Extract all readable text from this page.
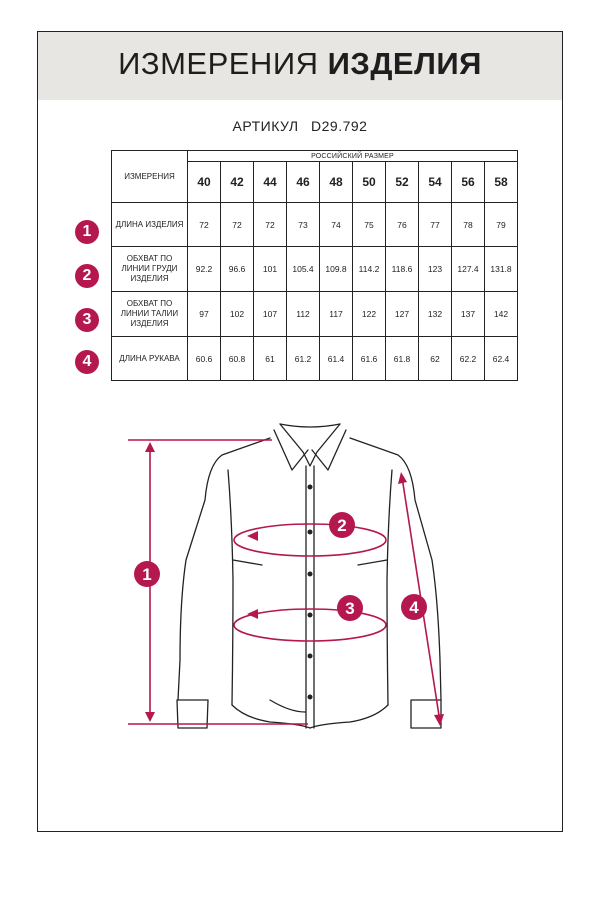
ИЗМЕРЕНИЯ ИЗДЕЛИЯ
АРТИКУЛ D29.792
1
2
3
4
ИЗМЕРЕНИЯ	РОССИЙСКИЙ РАЗМЕР									
	40	42	44	46	48	50	52	54	56	58
ДЛИНА ИЗДЕЛИЯ	72	72	72	73	74	75	76	77	78	79
ОБХВАТ ПО ЛИНИИ ГРУДИ ИЗДЕЛИЯ	92.2	96.6	101	105.4	109.8	114.2	118.6	123	127.4	131.8
ОБХВАТ ПО ЛИНИИ ТАЛИИ ИЗДЕЛИЯ	97	102	107	112	117	122	127	132	137	142
ДЛИНА РУКАВА	60.6	60.8	61	61.2	61.4	61.6	61.8	62	62.2	62.4
1
2
3	4
